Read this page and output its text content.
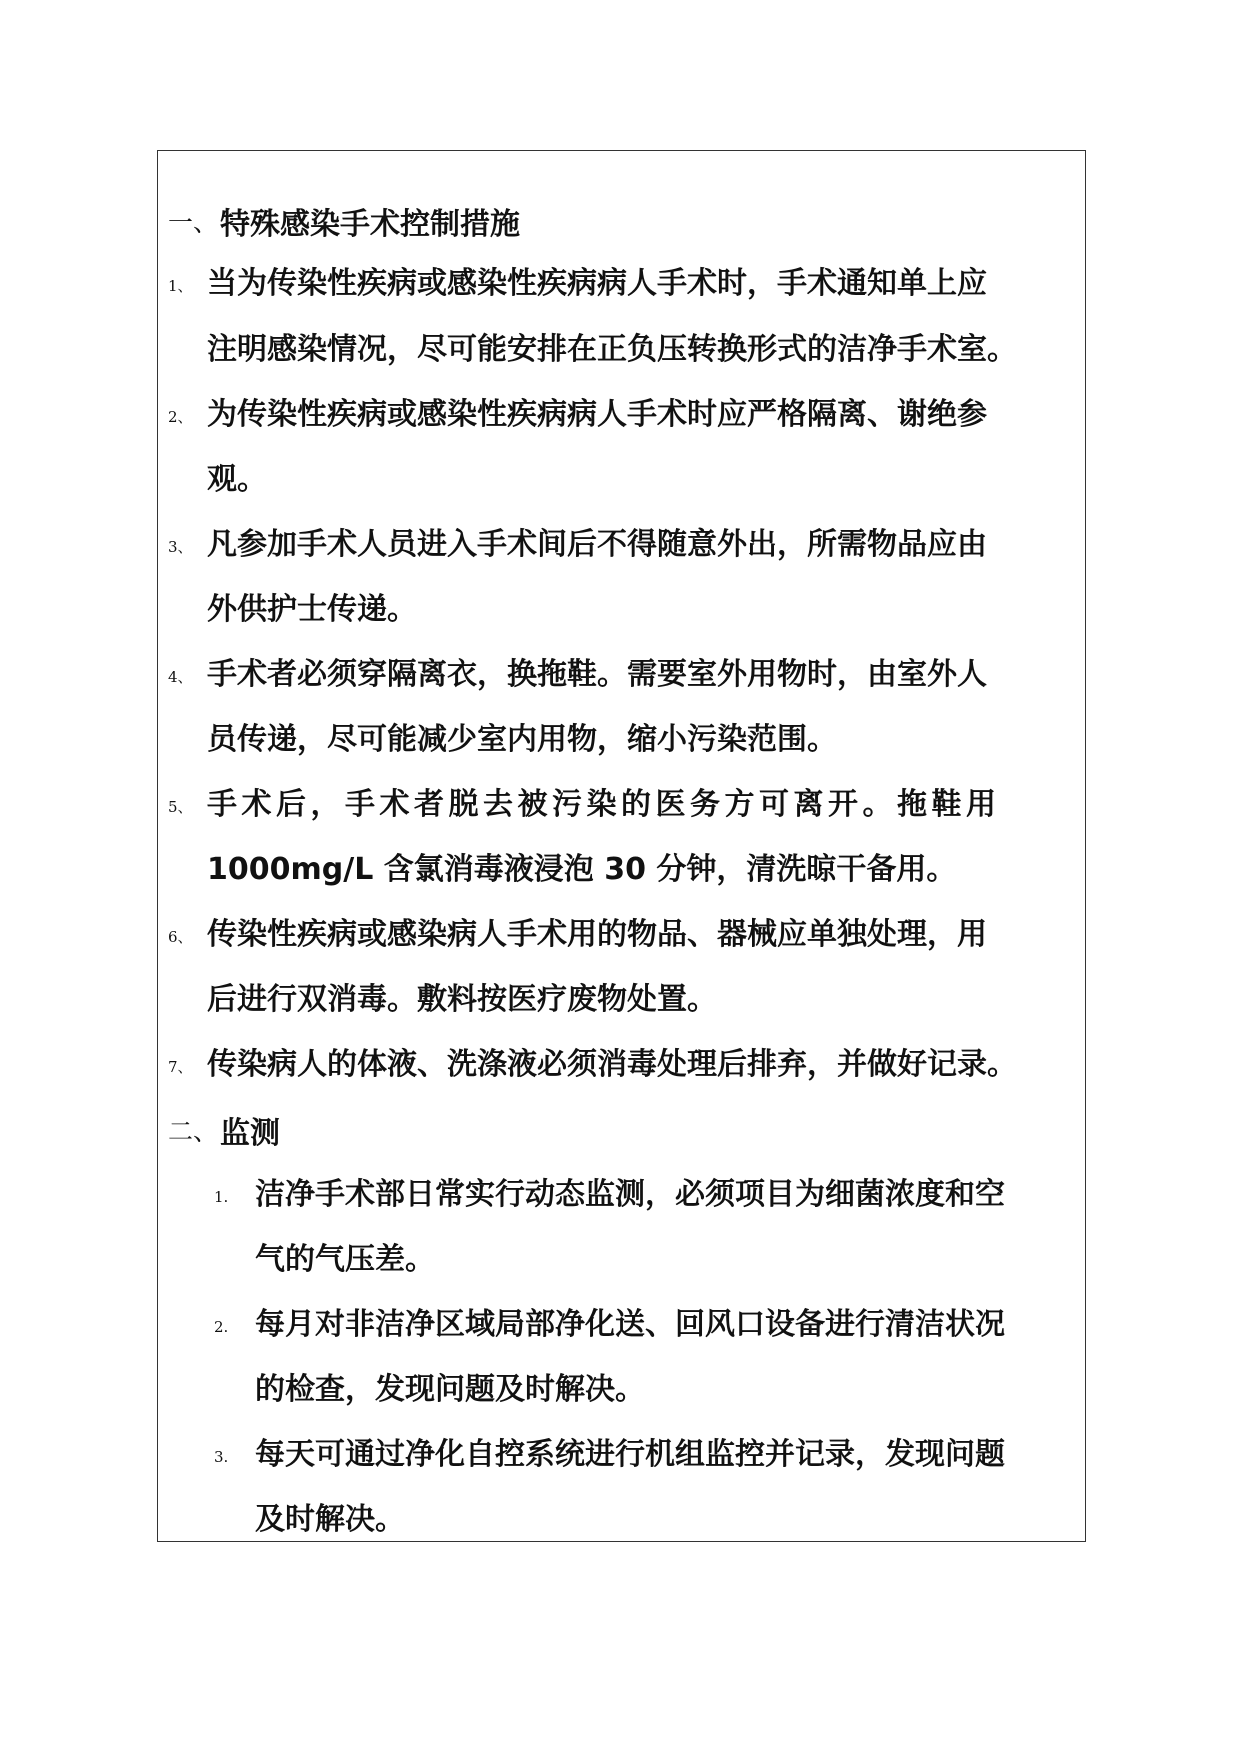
一、 特殊感染手术控制措施
1、 当为传染性疾病或感染性疾病病人手术时，手术通知单上应
注明感染情况，尽可能安排在正负压转换形式的洁净手术室。
2、 为传染性疾病或感染性疾病病人手术时应严格隔离、谢绝参
观。
3、 凡参加手术人员进入手术间后不得随意外出，所需物品应由
外供护士传递。
4、 手术者必须穿隔离衣，换拖鞋。需要室外用物时，由室外人
员传递，尽可能减少室内用物，缩小污染范围。
5、 手术后，手术者脱去被污染的医务方可离开。拖鞋用
1000mg/L 含氯消毒液浸泡 30 分钟，清洗晾干备用。
6、 传染性疾病或感染病人手术用的物品、器械应单独处理，用
后进行双消毒。敷料按医疗废物处置。
7、 传染病人的体液、洗涤液必须消毒处理后排弃，并做好记录。
二、 监测
1. 洁净手术部日常实行动态监测，必须项目为细菌浓度和空
气的气压差。
2. 每月对非洁净区域局部净化送、回风口设备进行清洁状况
的检查，发现问题及时解决。
3. 每天可通过净化自控系统进行机组监控并记录，发现问题
及时解决。
